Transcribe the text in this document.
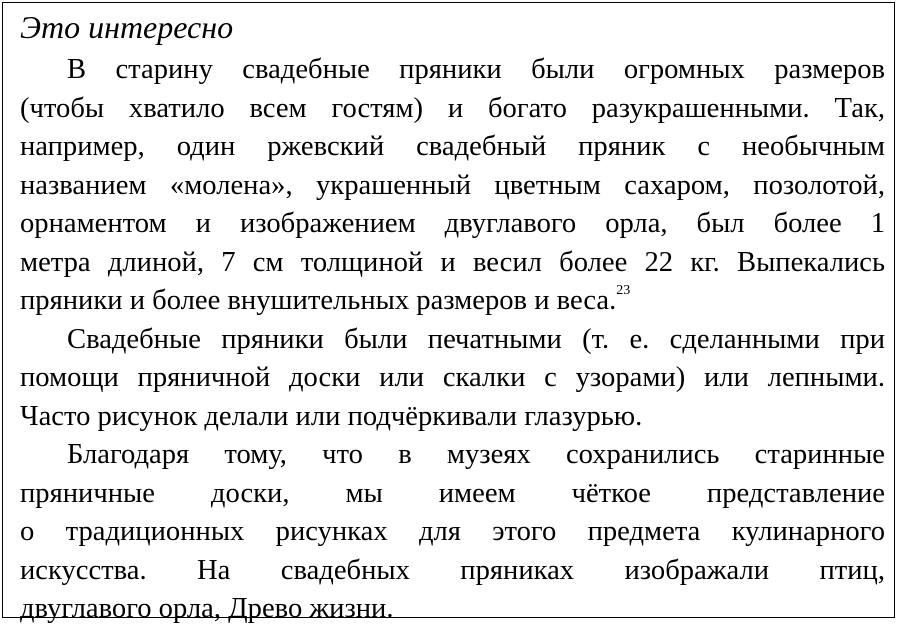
Это интересно

В старину свадебные пряники были огромных размеров
(чтобы хватило всем гостям) и богато разукрашенными. Так,
например, один ржевский свадебный пряник с необычным
названием «молена», украшенный цветным сахаром, позолотой,
орнаментом и изображением двуглавого орла, был более 1
метра длиной, 7 см толщиной и весил более 22 кг. Выпекались
пряники и более внушительных размеров и веса.$^{23}$

Свадебные пряники были печатными (т. е. сделанными при
помощи пряничной доски или скалки с узорами) или лепными.
Часто рисунок делали или подчёркивали глазурью.

Благодаря тому, что в музеях сохранились старинные
пряничные доски, мы имеем чёткое представление
о традиционных рисунках для этого предмета кулинарного
искусства. На свадебных пряниках изображали птиц,
двуглавого орла, Древо жизни.
